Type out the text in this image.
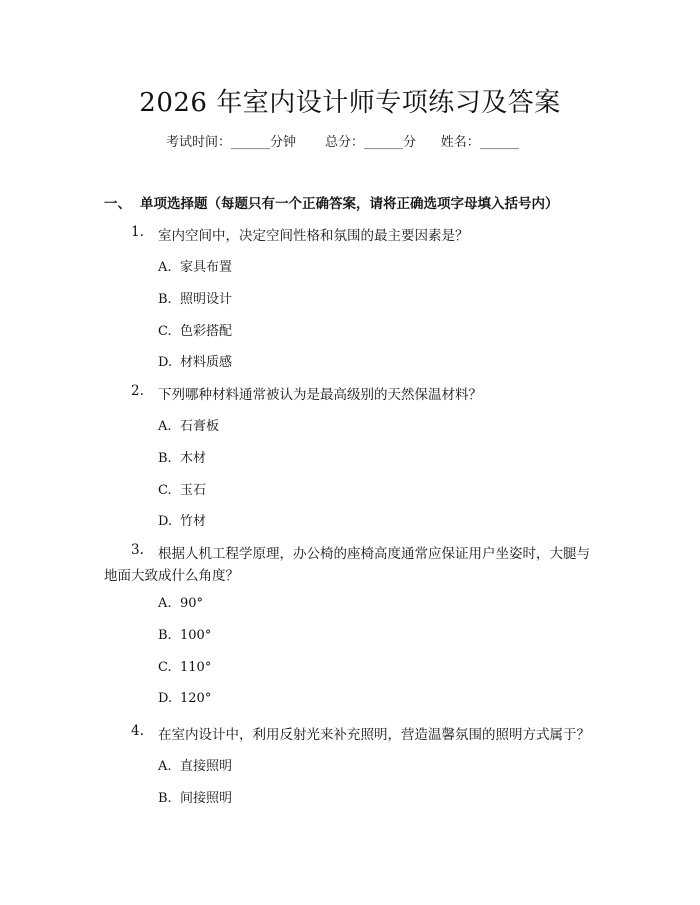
2026 年室内设计师专项练习及答案
考试时间：______分钟 总分：______分 姓名：______
一、 单项选择题（每题只有一个正确答案，请将正确选项字母填入括号内）
1. 室内空间中，决定空间性格和氛围的最主要因素是？
A. 家具布置
B. 照明设计
C. 色彩搭配
D. 材料质感
2. 下列哪种材料通常被认为是最高级别的天然保温材料？
A. 石膏板
B. 木材
C. 玉石
D. 竹材
3. 根据人机工程学原理，办公椅的座椅高度通常应保证用户坐姿时，大腿与
地面大致成什么角度？
A. 90°
B. 100°
C. 110°
D. 120°
4. 在室内设计中，利用反射光来补充照明，营造温馨氛围的照明方式属于？
A. 直接照明
B. 间接照明
